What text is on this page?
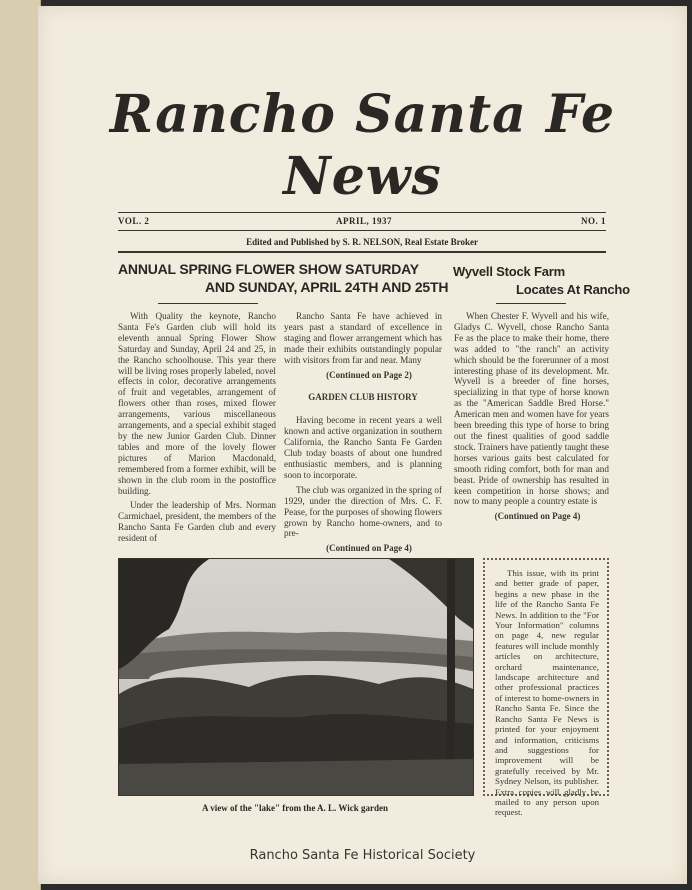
Rancho Santa Fe
News
VOL. 2	APRIL, 1937	NO. 1
Edited and Published by S. R. NELSON, Real Estate Broker
ANNUAL SPRING FLOWER SHOW SATURDAY
AND SUNDAY, APRIL 24TH AND 25TH
Wyvell Stock Farm
Locates At Rancho

With Quality the keynote, Rancho Santa Fe's Garden club will hold its eleventh annual Spring Flower Show Saturday and Sunday, April 24 and 25, in the Rancho schoolhouse. This year there will be living roses properly labeled, novel effects in color, decorative arrangements of fruit and vegetables, arrangement of flowers other than roses, mixed flower arrangements, various miscellaneous arrangements, and a special exhibit staged by the new Junior Garden Club. Dinner tables and more of the lovely flower pictures of Marion Macdonald, remembered from a former exhibit, will be shown in the club room in the postoffice building.

Under the leadership of Mrs. Norman Carmichael, president, the members of the Rancho Santa Fe Garden club and every resident of

Rancho Santa Fe have achieved in years past a standard of excellence in staging and flower arrangement which has made their exhibits outstandingly popular with visitors from far and near. Many

(Continued on Page 2)

GARDEN CLUB HISTORY

Having become in recent years a well known and active organization in southern California, the Rancho Santa Fe Garden Club today boasts of about one hundred enthusiastic members, and is planning soon to incorporate.

The club was organized in the spring of 1929, under the direction of Mrs. C. F. Pease, for the purposes of showing flowers grown by Rancho home-owners, and to pre-

(Continued on Page 4)

When Chester F. Wyvell and his wife, Gladys C. Wyvell, chose Rancho Santa Fe as the place to make their home, there was added to "the ranch" an activity which should be the forerunner of a most interesting phase of its development. Mr. Wyvell is a breeder of fine horses, specializing in that type of horse known as the "American Saddle Bred Horse." American men and women have for years been breeding this type of horse to bring out the finest qualities of good saddle stock. Trainers have patiently taught these horses various gaits best calculated for smooth riding comfort, both for man and beast. Pride of ownership has resulted in keen competition in horse shows; and now to many people a country estate is

(Continued on Page 4)

A view of the "lake" from the A. L. Wick garden
This issue, with its print and better grade of paper, begins a new phase in the life of the Rancho Santa Fe News. In addition to the "For Your Information" columns on page 4, new regular features will include monthly articles on architecture, orchard maintenance, landscape architecture and other professional practices of interest to home-owners in Rancho Santa Fe. Since the Rancho Santa Fe News is printed for your enjoyment and information, criticisms and suggestions for improvement will be gratefully received by Mr. Sydney Nelson, its publisher. Extra copies will gladly be mailed to any person upon request.
Rancho Santa Fe Historical Society
